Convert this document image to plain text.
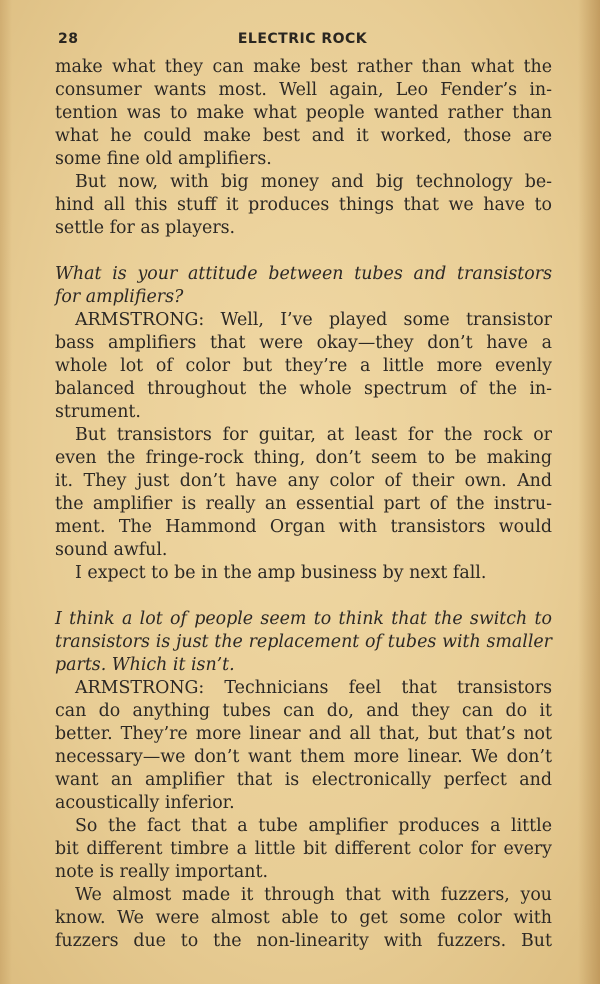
28	ELECTRIC ROCK
make what they can make best rather than what the
consumer wants most. Well again, Leo Fender’s in-
tention was to make what people wanted rather than
what he could make best and it worked, those are
some fine old amplifiers.
But now, with big money and big technology be-
hind all this stuff it produces things that we have to
settle for as players.
What is your attitude between tubes and transistors
for amplifiers?
ARMSTRONG: Well, I’ve played some transistor
bass amplifiers that were okay—they don’t have a
whole lot of color but they’re a little more evenly
balanced throughout the whole spectrum of the in-
strument.
But transistors for guitar, at least for the rock or
even the fringe-rock thing, don’t seem to be making
it. They just don’t have any color of their own. And
the amplifier is really an essential part of the instru-
ment. The Hammond Organ with transistors would
sound awful.
I expect to be in the amp business by next fall.
I think a lot of people seem to think that the switch to
transistors is just the replacement of tubes with smaller
parts. Which it isn’t.
ARMSTRONG: Technicians feel that transistors
can do anything tubes can do, and they can do it
better. They’re more linear and all that, but that’s not
necessary—we don’t want them more linear. We don’t
want an amplifier that is electronically perfect and
acoustically inferior.
So the fact that a tube amplifier produces a little
bit different timbre a little bit different color for every
note is really important.
We almost made it through that with fuzzers, you
know. We were almost able to get some color with
fuzzers due to the non-linearity with fuzzers. But
